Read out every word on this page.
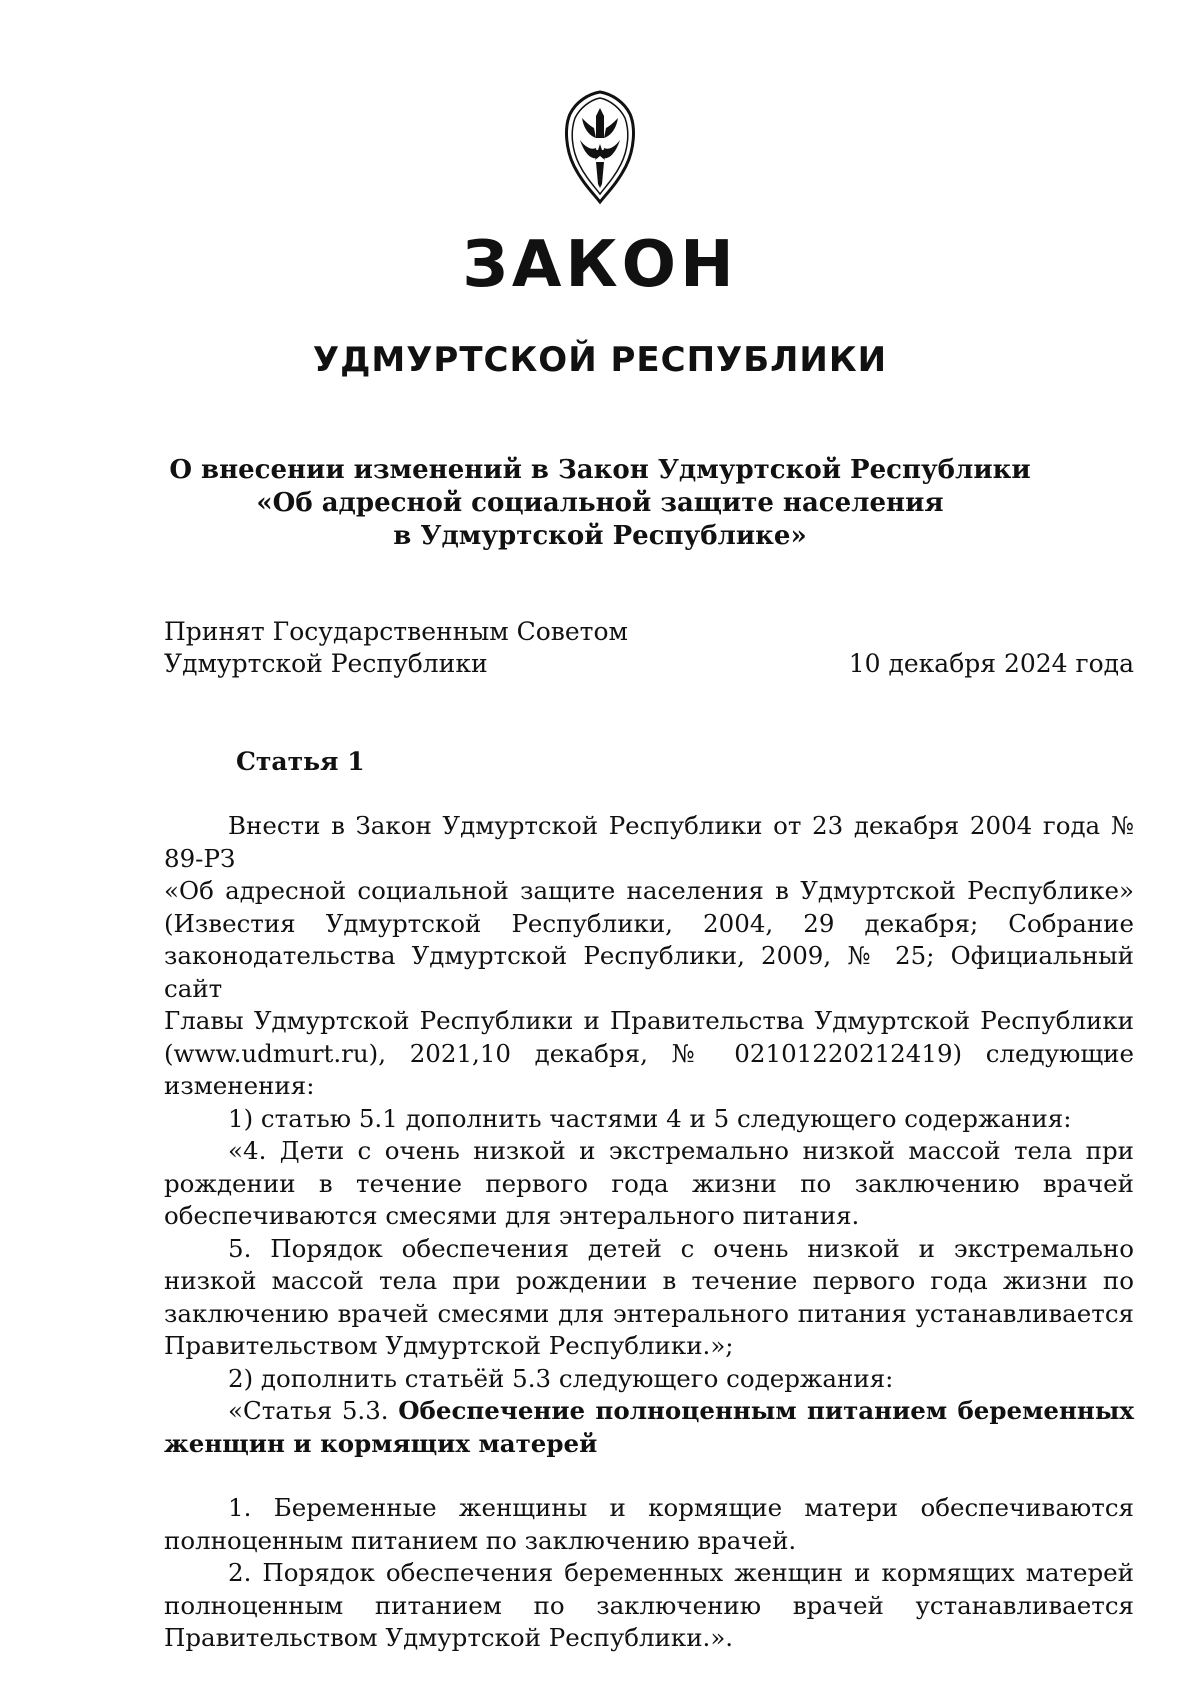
ЗАКОН
УДМУРТСКОЙ РЕСПУБЛИКИ
О внесении изменений в Закон Удмуртской Республики
«Об адресной социальной защите населения
в Удмуртской Республике»
Принят Государственным Советом
Удмуртской Республики	10 декабря 2024 года
Статья 1
Внести в Закон Удмуртской Республики от 23 декабря 2004 года № 89-РЗ
«Об адресной социальной защите населения в Удмуртской Республике»
(Известия Удмуртской Республики, 2004, 29 декабря; Собрание
законодательства Удмуртской Республики, 2009, № 25; Официальный сайт
Главы Удмуртской Республики и Правительства Удмуртской Республики
(www.udmurt.ru), 2021,10 декабря, № 02101220212419) следующие изменения:
1) статью 5.1 дополнить частями 4 и 5 следующего содержания:
«4. Дети с очень низкой и экстремально низкой массой тела при рождении в течение первого года жизни по заключению врачей обеспечиваются смесями для энтерального питания.
5. Порядок обеспечения детей с очень низкой и экстремально низкой массой тела при рождении в течение первого года жизни по заключению врачей смесями для энтерального питания устанавливается Правительством Удмуртской Республики.»;
2) дополнить статьёй 5.3 следующего содержания:
«Статья 5.3. Обеспечение полноценным питанием беременных женщин и кормящих матерей
1. Беременные женщины и кормящие матери обеспечиваются полноценным питанием по заключению врачей.
2. Порядок обеспечения беременных женщин и кормящих матерей полноценным питанием по заключению врачей устанавливается Правительством Удмуртской Республики.».
